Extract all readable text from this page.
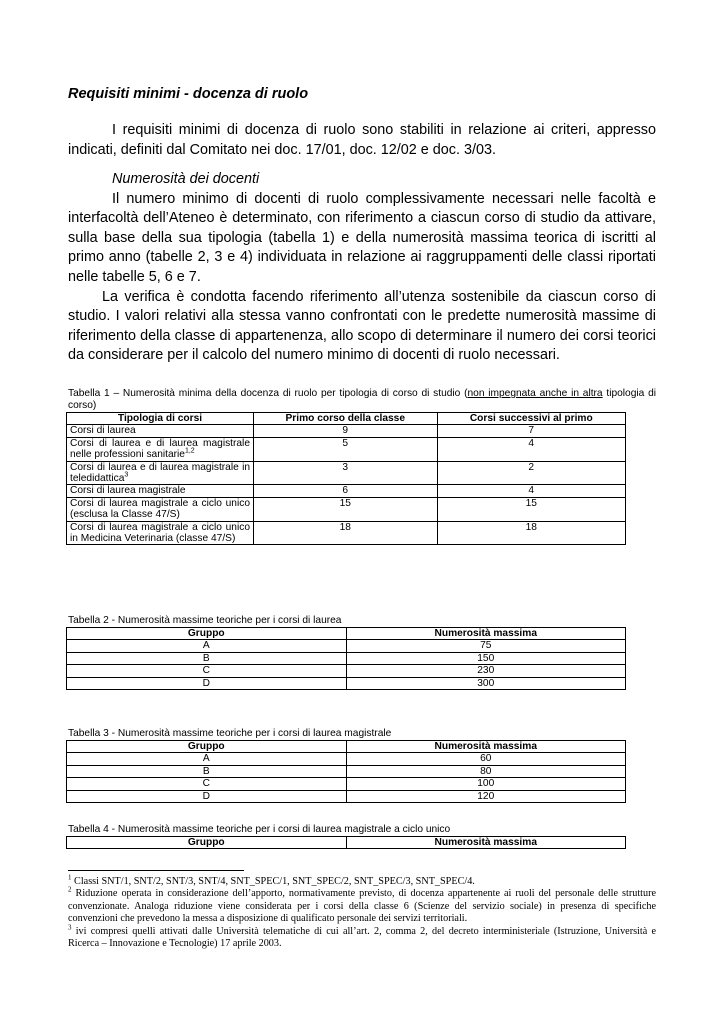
Requisiti minimi - docenza di ruolo

I requisiti minimi di docenza di ruolo sono stabiliti in relazione ai criteri, appresso indicati, definiti dal Comitato nei doc. 17/01, doc. 12/02 e doc. 3/03.

Numerosità dei docenti

Il numero minimo di docenti di ruolo complessivamente necessari nelle facoltà e interfacoltà dell’Ateneo è determinato, con riferimento a ciascun corso di studio da attivare, sulla base della sua tipologia (tabella 1) e della numerosità massima teorica di iscritti al primo anno (tabelle 2, 3 e 4) individuata in relazione ai raggruppamenti delle classi riportati nelle tabelle 5, 6 e 7.

La verifica è condotta facendo riferimento all’utenza sostenibile da ciascun corso di studio. I valori relativi alla stessa vanno confrontati con le predette numerosità massime di riferimento della classe di appartenenza, allo scopo di determinare il numero dei corsi teorici da considerare per il calcolo del numero minimo di docenti di ruolo necessari.

Tabella 1 – Numerosità minima della docenza di ruolo per tipologia di corso di studio (non impegnata anche in altra tipologia di corso)
Tipologia di corsi	Primo corso della classe	Corsi successivi al primo
Corsi di laurea	9	7
Corsi di laurea e di laurea magistrale nelle professioni sanitarie$^{1,2}$	5	4
Corsi di laurea e di laurea magistrale in teledidattica$^3$	3	2
Corsi di laurea magistrale	6	4
Corsi di laurea magistrale a ciclo unico (esclusa la Classe 47/S)	15	15
Corsi di laurea magistrale a ciclo unico in Medicina Veterinaria (classe 47/S)	18	18
Tabella 2 - Numerosità massime teoriche per i corsi di laurea
Gruppo	Numerosità massima
A	75
B	150
C	230
D	300
Tabella 3 - Numerosità massime teoriche per i corsi di laurea magistrale
Gruppo	Numerosità massima
A	60
B	80
C	100
D	120
Tabella 4 - Numerosità massime teoriche per i corsi di laurea magistrale a ciclo unico
Gruppo	Numerosità massima

$^1$ Classi SNT/1, SNT/2, SNT/3, SNT/4, SNT_SPEC/1, SNT_SPEC/2, SNT_SPEC/3, SNT_SPEC/4.

$^2$ Riduzione operata in considerazione dell’apporto, normativamente previsto, di docenza appartenente ai ruoli del personale delle strutture convenzionate. Analoga riduzione viene considerata per i corsi della classe 6 (Scienze del servizio sociale) in presenza di specifiche convenzioni che prevedono la messa a disposizione di qualificato personale dei servizi territoriali.

$^3$ ivi compresi quelli attivati dalle Università telematiche di cui all’art. 2, comma 2, del decreto interministeriale (Istruzione, Università e Ricerca – Innovazione e Tecnologie) 17 aprile 2003.
